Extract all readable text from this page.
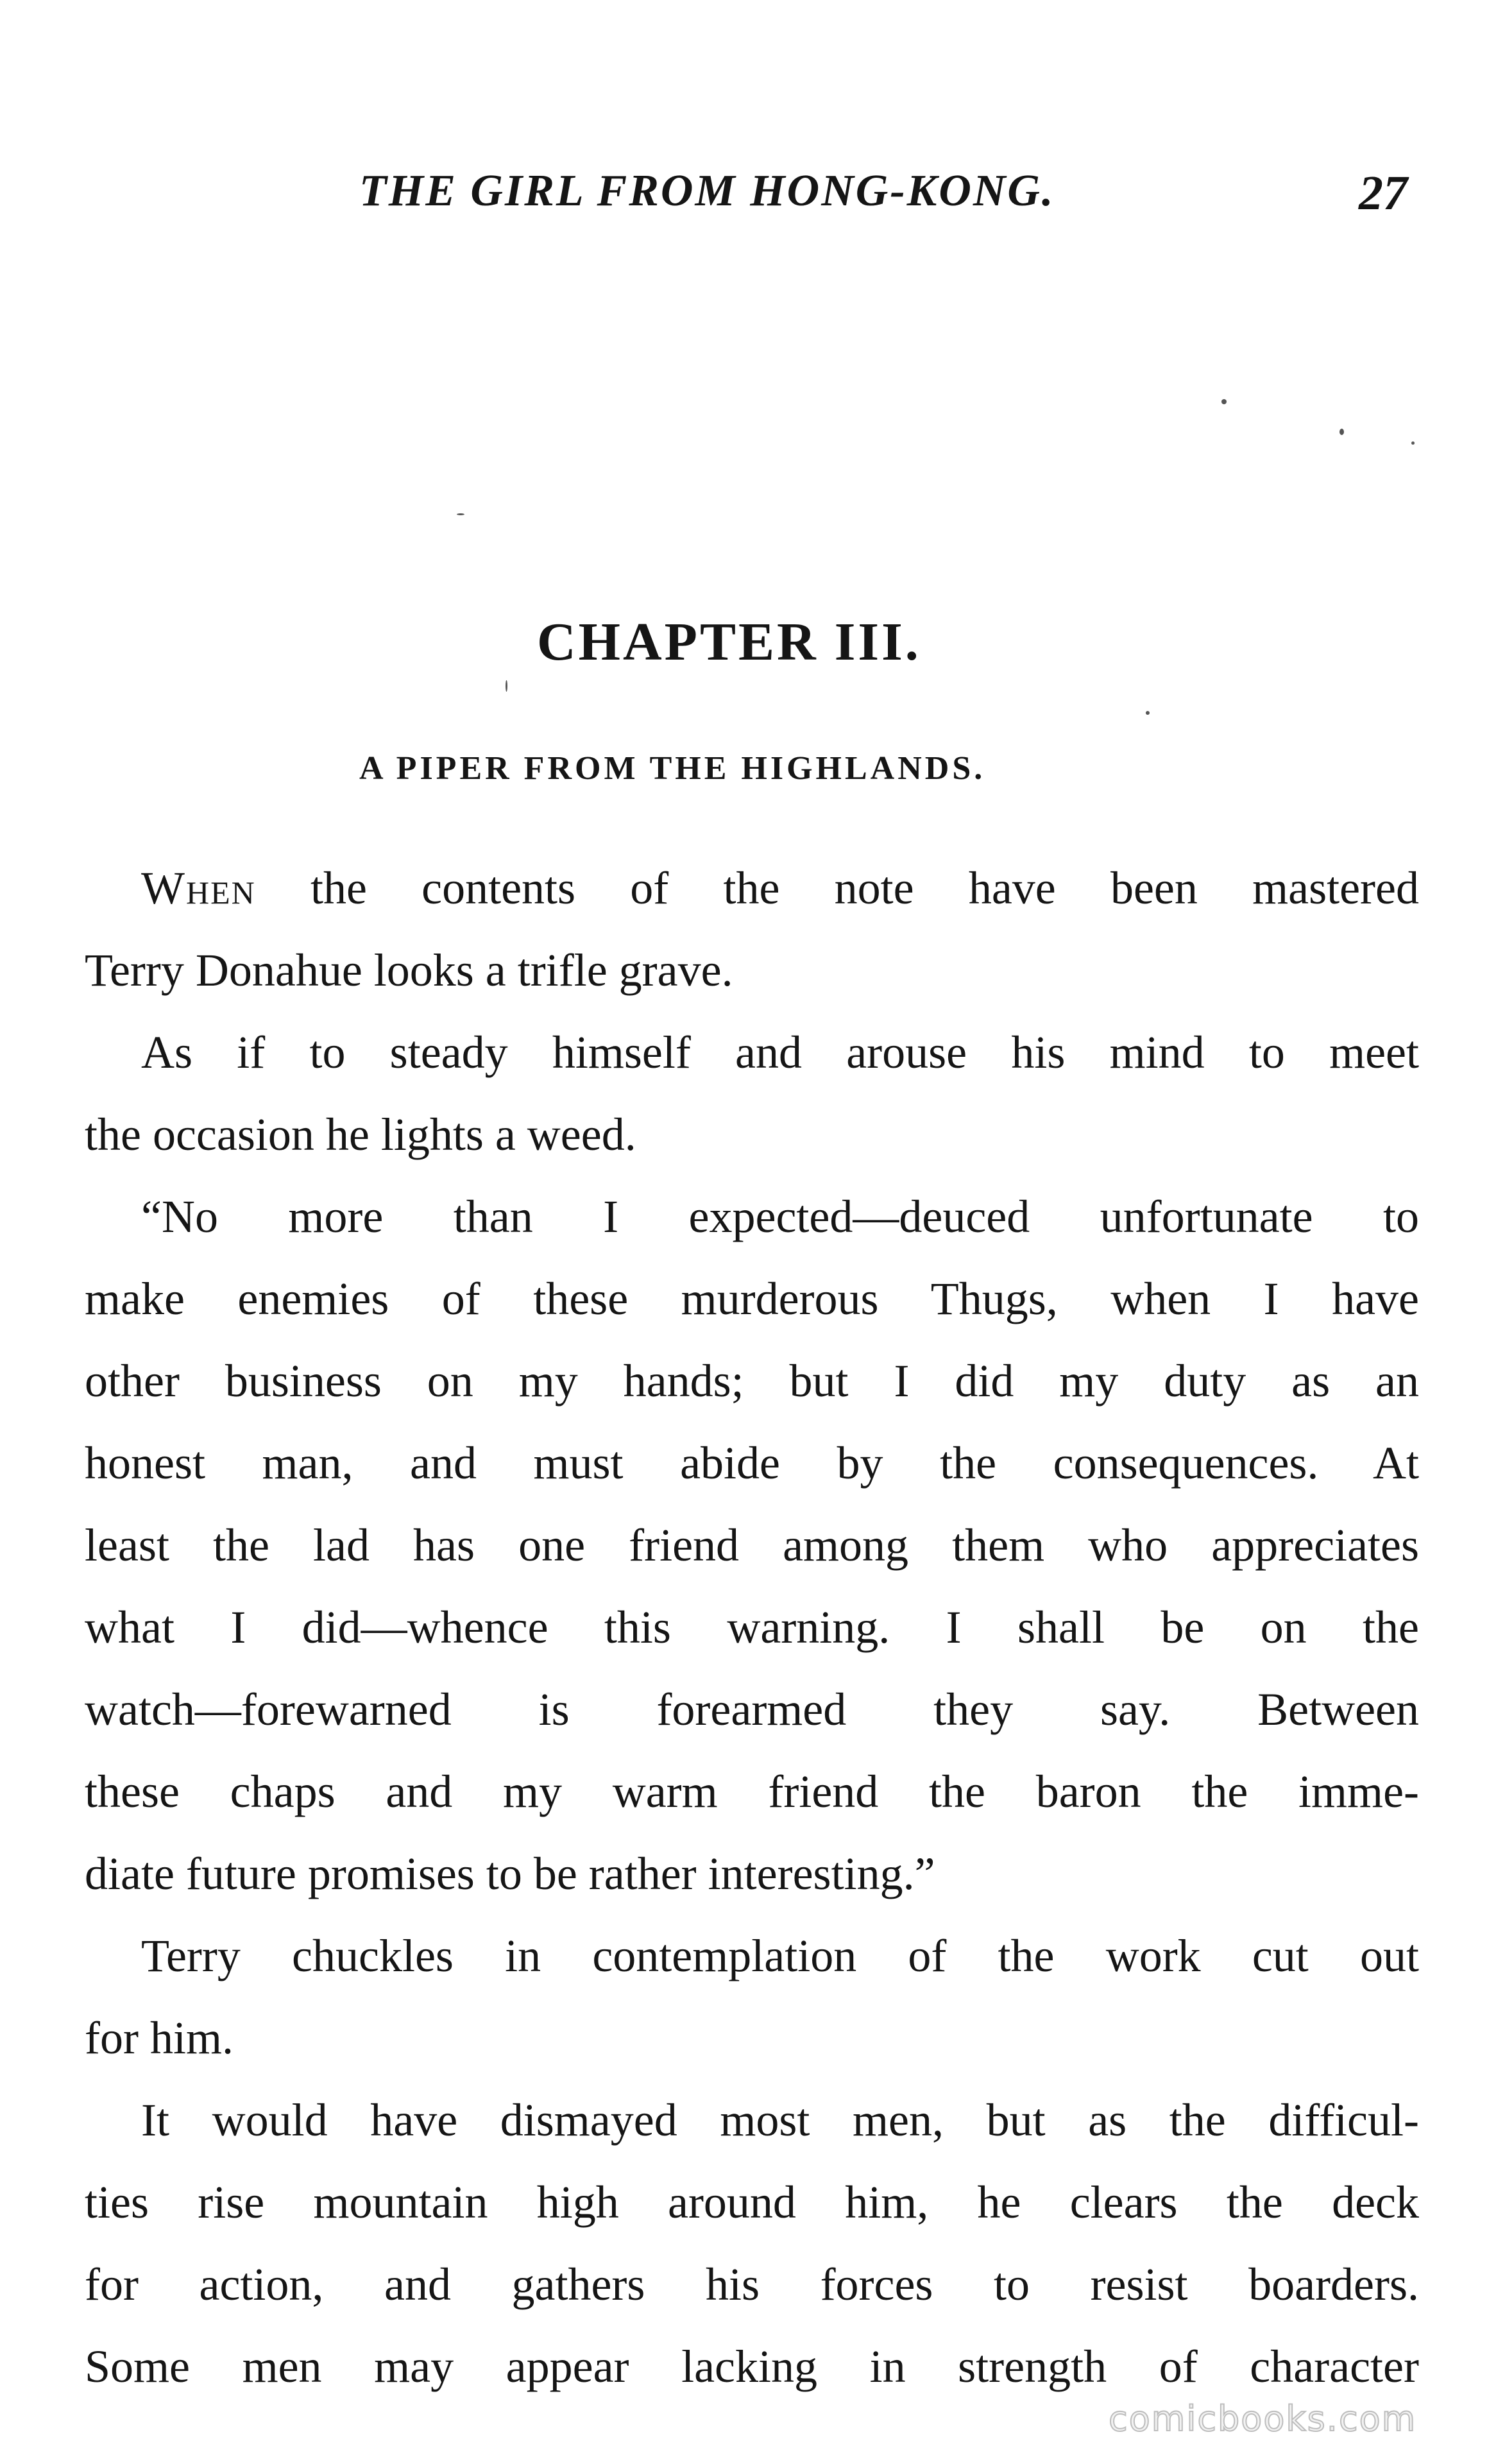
THE GIRL FROM HONG-KONG.	27
CHAPTER III.
A PIPER FROM THE HIGHLANDS.
When the contents of the note have been mastered
Terry Donahue looks a trifle grave.
As if to steady himself and arouse his mind to meet
the occasion he lights a weed.
“No more than I expected—deuced unfortunate to
make enemies of these murderous Thugs, when I have
other business on my hands; but I did my duty as an
honest man, and must abide by the consequences. At
least the lad has one friend among them who appreciates
what I did—whence this warning. I shall be on the
watch—forewarned is forearmed they say. Between
these chaps and my warm friend the baron the imme-
diate future promises to be rather interesting.”
Terry chuckles in contemplation of the work cut out
for him.
It would have dismayed most men, but as the difficul-
ties rise mountain high around him, he clears the deck
for action, and gathers his forces to resist boarders.
Some men may appear lacking in strength of character
comicbooks.com
